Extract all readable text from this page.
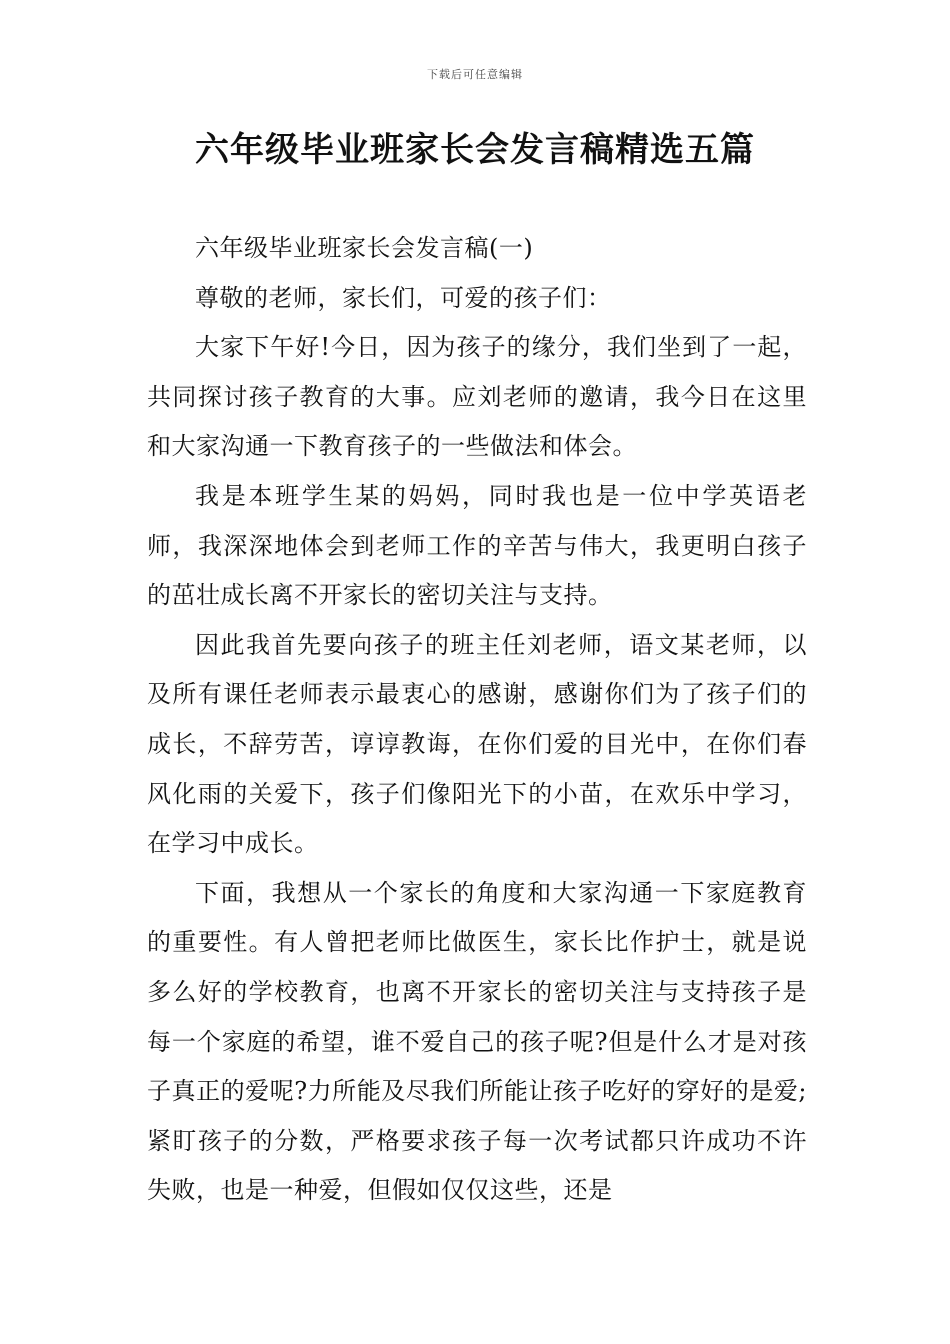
下载后可任意编辑
六年级毕业班家长会发言稿精选五篇

六年级毕业班家长会发言稿(一)

尊敬的老师，家长们，可爱的孩子们：

大家下午好!今日，因为孩子的缘分，我们坐到了一起，共同探讨孩子教育的大事。应刘老师的邀请，我今日在这里和大家沟通一下教育孩子的一些做法和体会。

我是本班学生某的妈妈，同时我也是一位中学英语老师，我深深地体会到老师工作的辛苦与伟大，我更明白孩子的茁壮成长离不开家长的密切关注与支持。

因此我首先要向孩子的班主任刘老师，语文某老师，以及所有课任老师表示最衷心的感谢，感谢你们为了孩子们的成长，不辞劳苦，谆谆教诲，在你们爱的目光中，在你们春风化雨的关爱下，孩子们像阳光下的小苗，在欢乐中学习，在学习中成长。

下面，我想从一个家长的角度和大家沟通一下家庭教育的重要性。有人曾把老师比做医生，家长比作护士，就是说多么好的学校教育，也离不开家长的密切关注与支持孩子是每一个家庭的希望，谁不爱自己的孩子呢?但是什么才是对孩子真正的爱呢?力所能及尽我们所能让孩子吃好的穿好的是爱;紧盯孩子的分数，严格要求孩子每一次考试都只许成功不许失败，也是一种爱，但假如仅仅这些，还是
